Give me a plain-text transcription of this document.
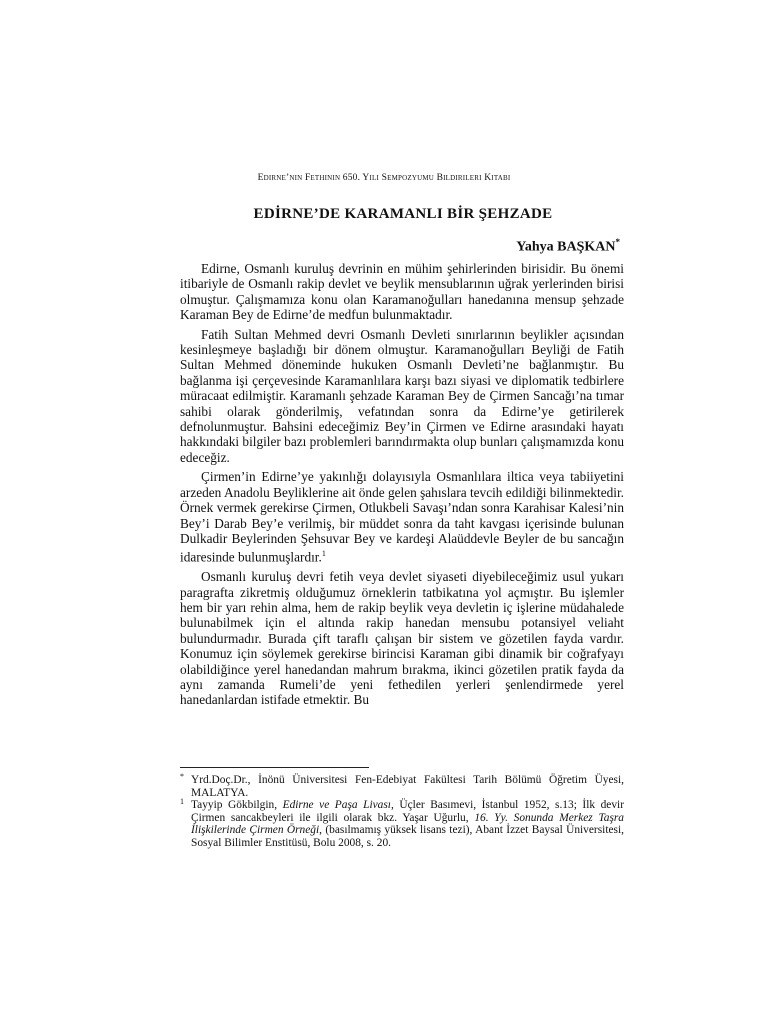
Edirne’nin Fethinin 650. Yılı Sempozyumu Bildirileri Kitabı
EDİRNE’DE KARAMANLI BİR ŞEHZADE
Yahya BAŞKAN*

Edirne, Osmanlı kuruluş devrinin en mühim şehirlerinden birisidir. Bu önemi itibariyle de Osmanlı rakip devlet ve beylik mensublarının uğrak yerlerinden birisi olmuştur. Çalışmamıza konu olan Karamanoğulları hanedanına mensup şehzade Karaman Bey de Edirne’de medfun bulunmaktadır.

Fatih Sultan Mehmed devri Osmanlı Devleti sınırlarının beylikler açısından kesinleşmeye başladığı bir dönem olmuştur. Karamanoğulları Beyliği de Fatih Sultan Mehmed döneminde hukuken Osmanlı Devleti’ne bağlanmıştır. Bu bağlanma işi çerçevesinde Karamanlılara karşı bazı siyasi ve diplomatik tedbirlere müracaat edilmiştir. Karamanlı şehzade Karaman Bey de Çirmen Sancağı’na tımar sahibi olarak gönderilmiş, vefatından sonra da Edirne’ye getirilerek defnolunmuştur. Bahsini edeceğimiz Bey’in Çirmen ve Edirne arasındaki hayatı hakkındaki bilgiler bazı problemleri barındırmakta olup bunları çalışmamızda konu edeceğiz.

Çirmen’in Edirne’ye yakınlığı dolayısıyla Osmanlılara iltica veya tabiiyetini arzeden Anadolu Beyliklerine ait önde gelen şahıslara tevcih edildiği bilinmektedir. Örnek vermek gerekirse Çirmen, Otlukbeli Savaşı’ndan sonra Karahisar Kalesi’nin Bey’i Darab Bey’e verilmiş, bir müddet sonra da taht kavgası içerisinde bulunan Dulkadir Beylerinden Şehsuvar Bey ve kardeşi Alaüddevle Beyler de bu sancağın idaresinde bulunmuşlardır.$^1$

Osmanlı kuruluş devri fetih veya devlet siyaseti diyebileceğimiz usul yukarı paragrafta zikretmiş olduğumuz örneklerin tatbikatına yol açmıştır. Bu işlemler hem bir yarı rehin alma, hem de rakip beylik veya devletin iç işlerine müdahalede bulunabilmek için el altında rakip hanedan mensubu potansiyel veliaht bulundurmadır. Burada çift taraflı çalışan bir sistem ve gözetilen fayda vardır. Konumuz için söylemek gerekirse birincisi Karaman gibi dinamik bir coğrafyayı olabildiğince yerel hanedandan mahrum bırakma, ikinci gözetilen pratik fayda da aynı zamanda Rumeli’de yeni fethedilen yerleri şenlendirmede yerel hanedanlardan istifade etmektir. Bu

* Yrd.Doç.Dr., İnönü Üniversitesi Fen-Edebiyat Fakültesi Tarih Bölümü Öğretim Üyesi, MALATYA.
1 Tayyip Gökbilgin, Edirne ve Paşa Livası, Üçler Basımevi, İstanbul 1952, s.13; İlk devir Çirmen sancakbeyleri ile ilgili olarak bkz. Yaşar Uğurlu, 16. Yy. Sonunda Merkez Taşra İlişkilerinde Çirmen Örneği, (basılmamış yüksek lisans tezi), Abant İzzet Baysal Üniversitesi, Sosyal Bilimler Enstitüsü, Bolu 2008, s. 20.
